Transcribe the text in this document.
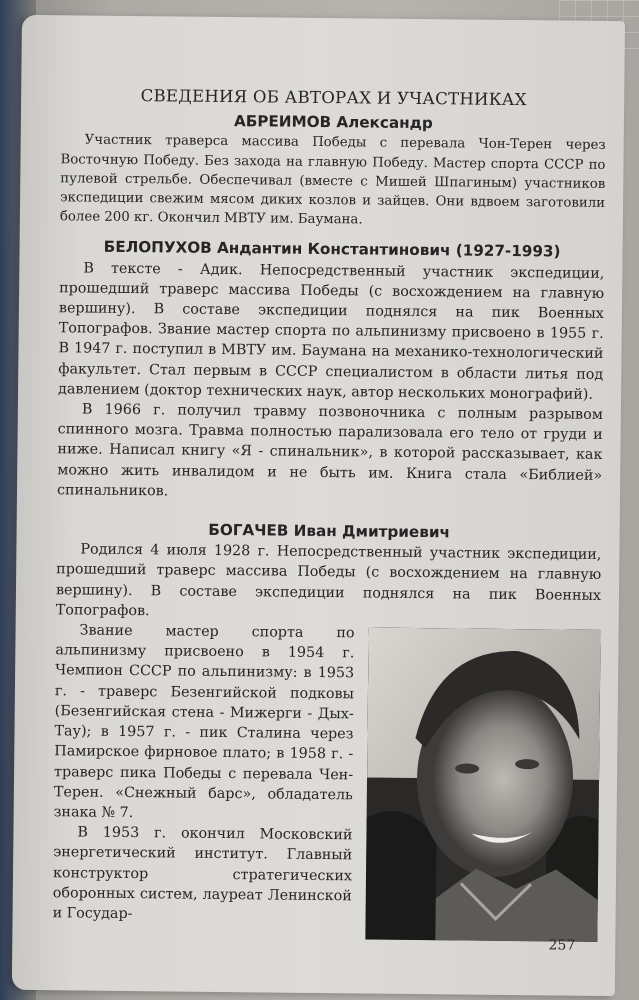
СВЕДЕНИЯ ОБ АВТОРАХ И УЧАСТНИКАХ
АБРЕИМОВ Александр

Участник траверса массива Победы с перевала Чон-Терен через Восточную Победу. Без захода на главную Победу. Мастер спорта СССР по пулевой стрельбе. Обеспечивал (вместе с Мишей Шпагиным) участников экспедиции свежим мясом диких козлов и зайцев. Они вдвоем заготовили более 200 кг. Окончил МВТУ им. Баумана.

БЕЛОПУХОВ Андантин Константинович (1927-1993)

В тексте - Адик. Непосредственный участник экспедиции, прошедший траверс массива Победы (с восхождением на главную вершину). В составе экспедиции поднялся на пик Военных Топографов. Звание мастер спорта по альпинизму присвоено в 1955 г. В 1947 г. поступил в МВТУ им. Баумана на механико-технологический факультет. Стал первым в СССР специалистом в области литья под давлением (доктор технических наук, автор нескольких монографий).

В 1966 г. получил травму позвоночника с полным разрывом спинного мозга. Травма полностью парализовала его тело от груди и ниже. Написал книгу «Я - спинальник», в которой рассказывает, как можно жить инвалидом и не быть им. Книга стала «Библией» спинальников.

БОГАЧЕВ Иван Дмитриевич

Родился 4 июля 1928 г. Непосредственный участник экспедиции, прошедший траверс массива Победы (с восхождением на главную вершину). В составе экспедиции поднялся на пик Военных Топографов.

Звание мастер спорта по альпинизму присвоено в 1954 г. Чемпион СССР по альпинизму: в 1953 г. - траверс Безенгийской подковы (Безенгийская стена - Мижерги - Дых-Тау); в 1957 г. - пик Сталина через Памирское фирновое плато; в 1958 г. - траверс пика Победы с перевала Чен-Терен. «Снежный барс», обладатель знака № 7.

В 1953 г. окончил Московский энергетический институт. Главный конструктор стратегических оборонных систем, лауреат Ленинской и Государ-

257
